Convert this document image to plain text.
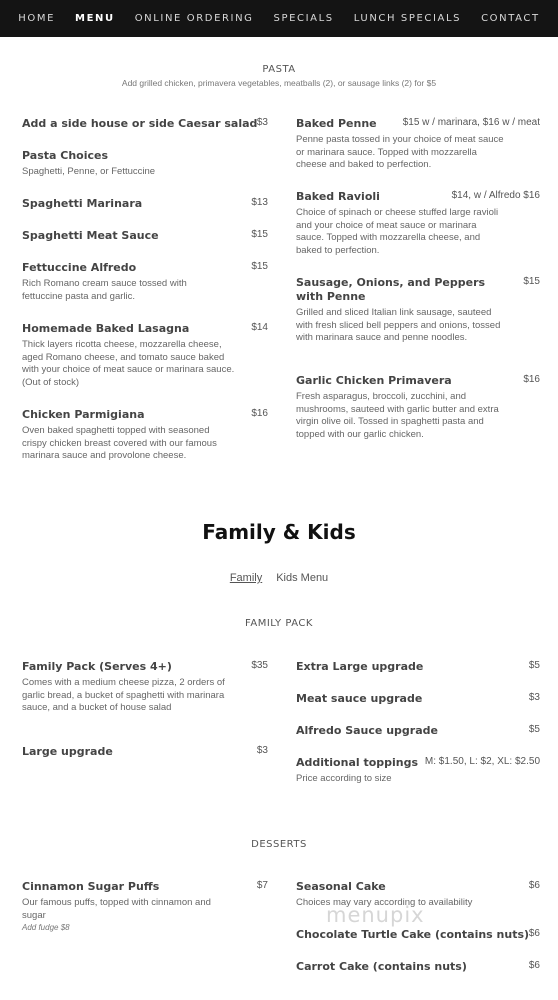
HOME	MENU	ONLINE ORDERING	SPECIALS	LUNCH SPECIALS	CONTACT
PASTA
Add grilled chicken, primavera vegetables, meatballs (2), or sausage links (2) for $5
Add a side house or side Caesar salad $3
Pasta Choices
Spaghetti, Penne, or Fettuccine
Spaghetti Marinara	$13
Spaghetti Meat Sauce	$15
Fettuccine Alfredo	$15
Rich Romano cream sauce tossed with fettuccine pasta and garlic.
Homemade Baked Lasagna	$14
Thick layers ricotta cheese, mozzarella cheese, aged Romano cheese, and tomato sauce baked with your choice of meat sauce or marinara sauce. (Out of stock)
Chicken Parmigiana	$16
Oven baked spaghetti topped with seasoned crispy chicken breast covered with our famous marinara sauce and provolone cheese.
Baked Penne	$15 w / marinara, $16 w / meat
Penne pasta tossed in your choice of meat sauce or marinara sauce. Topped with mozzarella cheese and baked to perfection.
Baked Ravioli	$14, w / Alfredo $16
Choice of spinach or cheese stuffed large ravioli and your choice of meat sauce or marinara sauce. Topped with mozzarella cheese, and baked to perfection.
Sausage, Onions, and Peppers with Penne
$15
Grilled and sliced Italian link sausage, sauteed with fresh sliced bell peppers and onions, tossed with marinara sauce and penne noodles.
Garlic Chicken Primavera	$16
Fresh asparagus, broccoli, zucchini, and mushrooms, sauteed with garlic butter and extra virgin olive oil. Tossed in spaghetti pasta and topped with our garlic chicken.
Family & Kids
Family Kids Menu
FAMILY PACK
Family Pack (Serves 4+)	$35
Comes with a medium cheese pizza, 2 orders of garlic bread, a bucket of spaghetti with marinara sauce, and a bucket of house salad
Large upgrade	$3
Extra Large upgrade	$5
Meat sauce upgrade	$3
Alfredo Sauce upgrade	$5
Additional toppings M: $1.50, L: $2, XL: $2.50
Price according to size
DESSERTS
Cinnamon Sugar Puffs	$7
Our famous puffs, topped with cinnamon and sugar
Add fudge $8
Seasonal Cake	$6
Choices may vary according to availability
Chocolate Turtle Cake (contains nuts) $6
Carrot Cake (contains nuts)	$6
menupix
